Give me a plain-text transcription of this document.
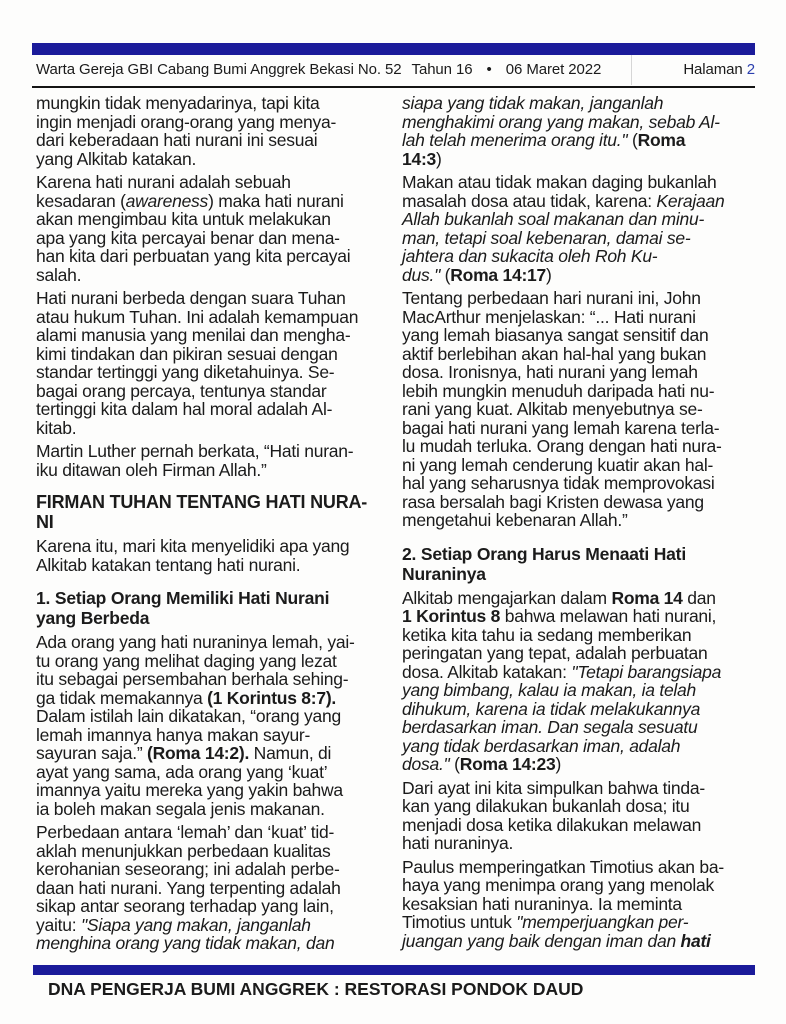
Warta Gereja GBI Cabang Bumi Anggrek Bekasi No. 52 Tahun 16 • 06 Maret 2022	Halaman 2
mungkin tidak menyadarinya, tapi kita
ingin menjadi orang-orang yang menya-
dari keberadaan hati nurani ini sesuai
yang Alkitab katakan.
Karena hati nurani adalah sebuah
kesadaran (awareness) maka hati nurani
akan mengimbau kita untuk melakukan
apa yang kita percayai benar dan mena-
han kita dari perbuatan yang kita percayai
salah.
Hati nurani berbeda dengan suara Tuhan
atau hukum Tuhan. Ini adalah kemampuan
alami manusia yang menilai dan mengha-
kimi tindakan dan pikiran sesuai dengan
standar tertinggi yang diketahuinya. Se-
bagai orang percaya, tentunya standar
tertinggi kita dalam hal moral adalah Al-
kitab.
Martin Luther pernah berkata, “Hati nuran-
iku ditawan oleh Firman Allah.”
FIRMAN TUHAN TENTANG HATI NURA-
NI
Karena itu, mari kita menyelidiki apa yang
Alkitab katakan tentang hati nurani.
1. Setiap Orang Memiliki Hati Nurani
yang Berbeda
Ada orang yang hati nuraninya lemah, yai-
tu orang yang melihat daging yang lezat
itu sebagai persembahan berhala sehing-
ga tidak memakannya (1 Korintus 8:7).
Dalam istilah lain dikatakan, “orang yang
lemah imannya hanya makan sayur-
sayuran saja.” (Roma 14:2). Namun, di
ayat yang sama, ada orang yang ‘kuat’
imannya yaitu mereka yang yakin bahwa
ia boleh makan segala jenis makanan.
Perbedaan antara ‘lemah’ dan ‘kuat’ tid-
aklah menunjukkan perbedaan kualitas
kerohanian seseorang; ini adalah perbe-
daan hati nurani. Yang terpenting adalah
sikap antar seorang terhadap yang lain,
yaitu: "Siapa yang makan, janganlah
menghina orang yang tidak makan, dan
siapa yang tidak makan, janganlah
menghakimi orang yang makan, sebab Al-
lah telah menerima orang itu." (Roma
14:3)
Makan atau tidak makan daging bukanlah
masalah dosa atau tidak, karena: Kerajaan
Allah bukanlah soal makanan dan minu-
man, tetapi soal kebenaran, damai se-
jahtera dan sukacita oleh Roh Ku-
dus." (Roma 14:17)
Tentang perbedaan hari nurani ini, John
MacArthur menjelaskan: “... Hati nurani
yang lemah biasanya sangat sensitif dan
aktif berlebihan akan hal-hal yang bukan
dosa. Ironisnya, hati nurani yang lemah
lebih mungkin menuduh daripada hati nu-
rani yang kuat. Alkitab menyebutnya se-
bagai hati nurani yang lemah karena terla-
lu mudah terluka. Orang dengan hati nura-
ni yang lemah cenderung kuatir akan hal-
hal yang seharusnya tidak memprovokasi
rasa bersalah bagi Kristen dewasa yang
mengetahui kebenaran Allah.”
2. Setiap Orang Harus Menaati Hati
Nuraninya
Alkitab mengajarkan dalam Roma 14 dan
1 Korintus 8 bahwa melawan hati nurani,
ketika kita tahu ia sedang memberikan
peringatan yang tepat, adalah perbuatan
dosa. Alkitab katakan: "Tetapi barangsiapa
yang bimbang, kalau ia makan, ia telah
dihukum, karena ia tidak melakukannya
berdasarkan iman. Dan segala sesuatu
yang tidak berdasarkan iman, adalah
dosa." (Roma 14:23)
Dari ayat ini kita simpulkan bahwa tinda-
kan yang dilakukan bukanlah dosa; itu
menjadi dosa ketika dilakukan melawan
hati nuraninya.
Paulus memperingatkan Timotius akan ba-
haya yang menimpa orang yang menolak
kesaksian hati nuraninya. Ia meminta
Timotius untuk "memperjuangkan per-
juangan yang baik dengan iman dan hati
DNA PENGERJA BUMI ANGGREK : RESTORASI PONDOK DAUD
